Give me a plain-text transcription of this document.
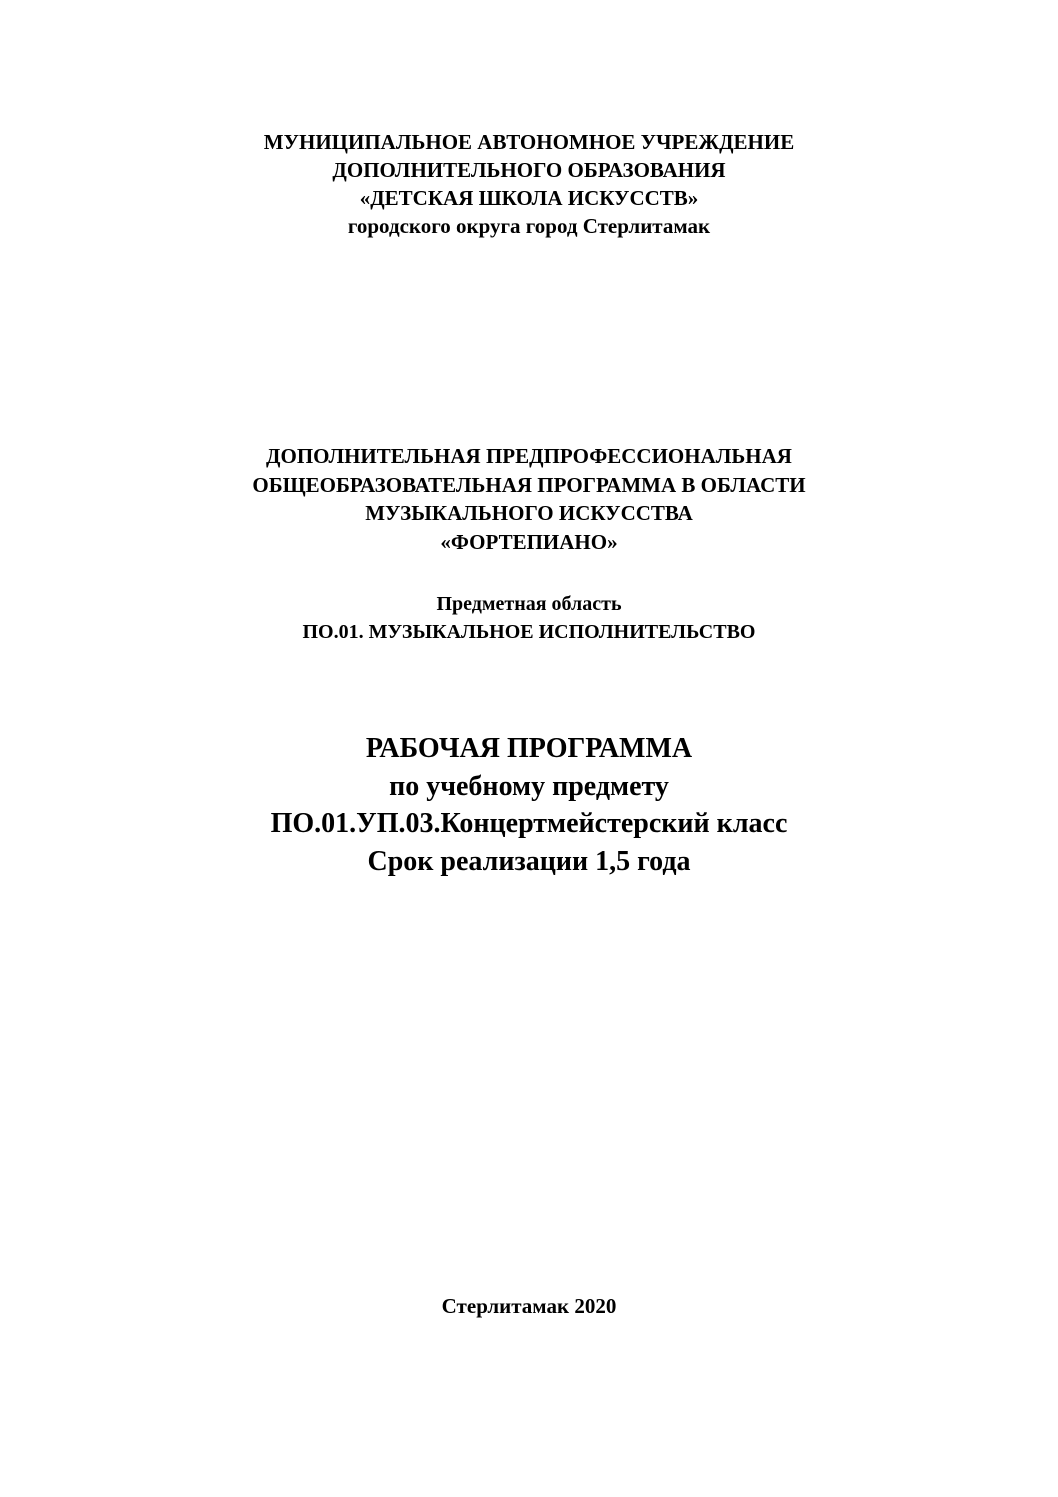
МУНИЦИПАЛЬНОЕ АВТОНОМНОЕ УЧРЕЖДЕНИЕ
ДОПОЛНИТЕЛЬНОГО ОБРАЗОВАНИЯ
«ДЕТСКАЯ ШКОЛА ИСКУССТВ»
городского округа город Стерлитамак
ДОПОЛНИТЕЛЬНАЯ ПРЕДПРОФЕССИОНАЛЬНАЯ
ОБЩЕОБРАЗОВАТЕЛЬНАЯ ПРОГРАММА В ОБЛАСТИ
МУЗЫКАЛЬНОГО ИСКУССТВА
«ФОРТЕПИАНО»
Предметная область
ПО.01. МУЗЫКАЛЬНОЕ ИСПОЛНИТЕЛЬСТВО
РАБОЧАЯ ПРОГРАММА
по учебному предмету
ПО.01.УП.03.Концертмейстерский класс
Срок реализации 1,5 года
Стерлитамак 2020
